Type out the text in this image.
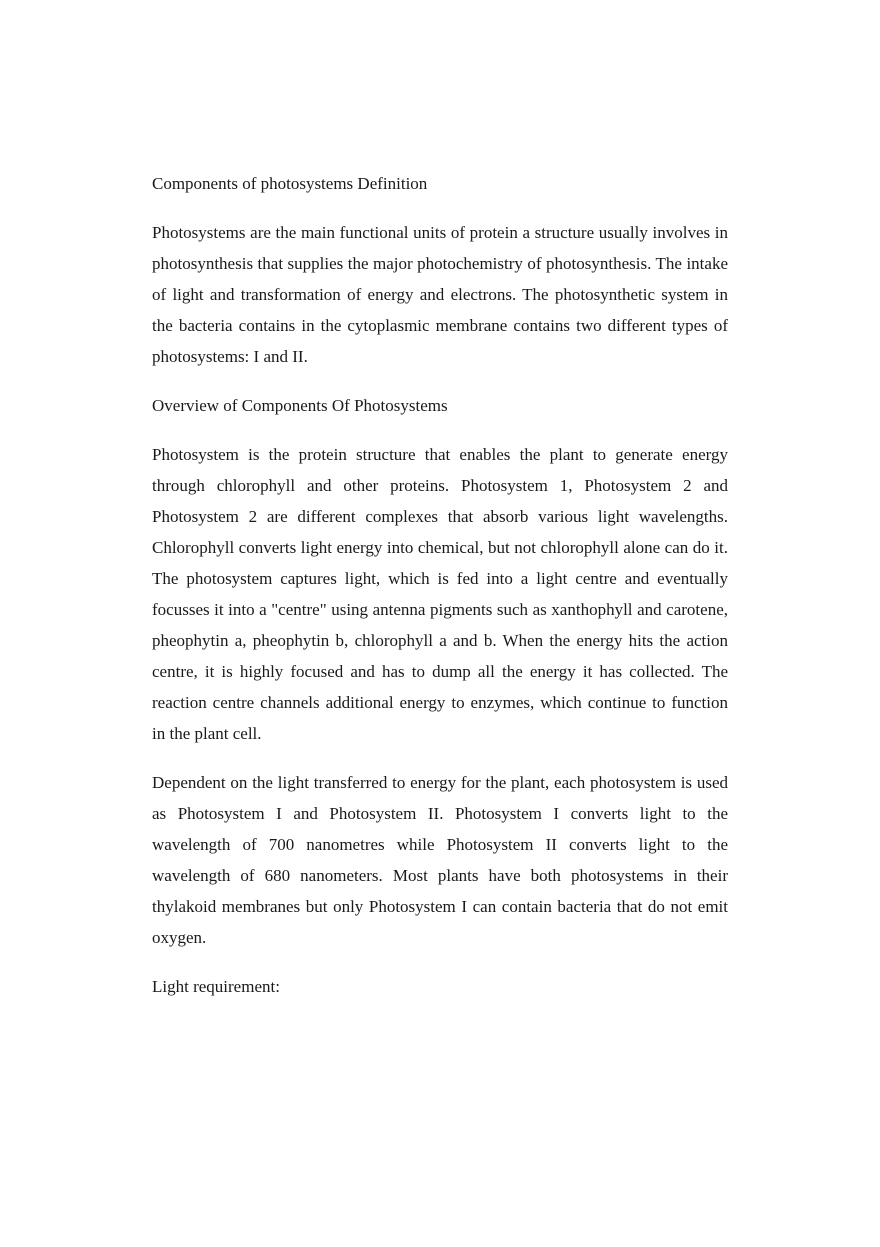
Components of photosystems Definition

Photosystems are the main functional units of protein a structure usually involves in photosynthesis that supplies the major photochemistry of photosynthesis. The intake of light and transformation of energy and electrons. The photosynthetic system in the bacteria contains in the cytoplasmic membrane contains two different types of photosystems: I and II.

Overview of Components Of Photosystems

Photosystem is the protein structure that enables the plant to generate energy through chlorophyll and other proteins. Photosystem 1, Photosystem 2 and Photosystem 2 are different complexes that absorb various light wavelengths. Chlorophyll converts light energy into chemical, but not chlorophyll alone can do it. The photosystem captures light, which is fed into a light centre and eventually focusses it into a "centre" using antenna pigments such as xanthophyll and carotene, pheophytin a, pheophytin b, chlorophyll a and b. When the energy hits the action centre, it is highly focused and has to dump all the energy it has collected. The reaction centre channels additional energy to enzymes, which continue to function in the plant cell.

Dependent on the light transferred to energy for the plant, each photosystem is used as Photosystem I and Photosystem II. Photosystem I converts light to the wavelength of 700 nanometres while Photosystem II converts light to the wavelength of 680 nanometers. Most plants have both photosystems in their thylakoid membranes but only Photosystem I can contain bacteria that do not emit oxygen.

Light requirement:
